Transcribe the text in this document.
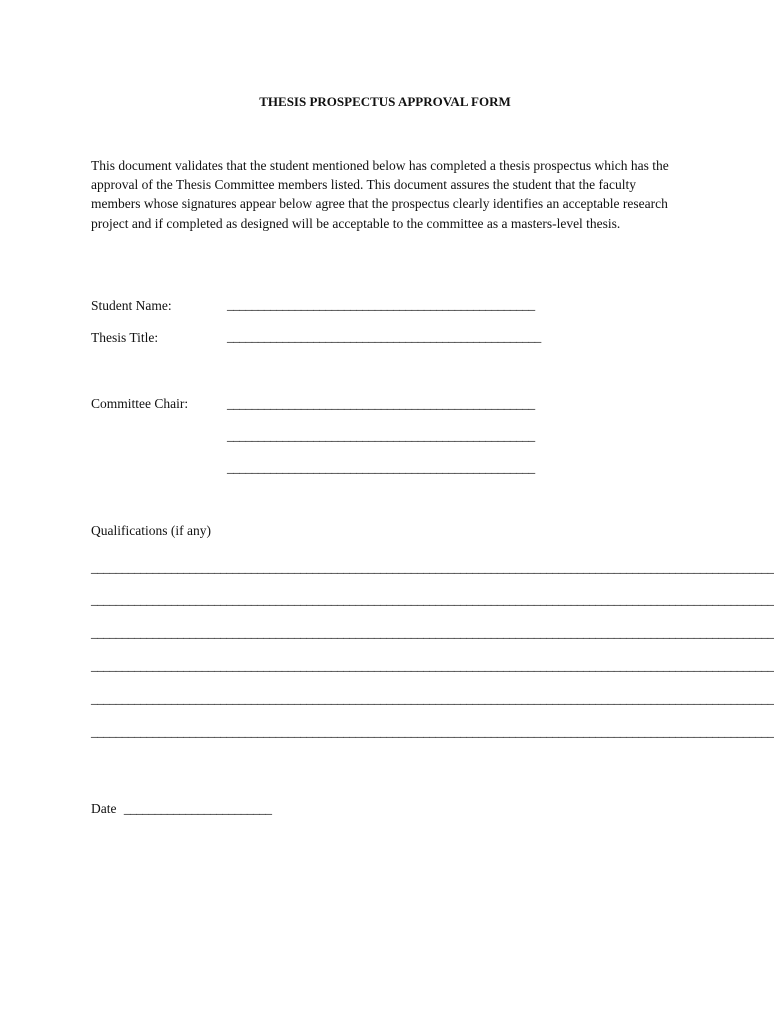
THESIS PROSPECTUS APPROVAL FORM

This document validates that the student mentioned below has completed a thesis prospectus which has the approval of the Thesis Committee members listed. This document assures the student that the faculty members whose signatures appear below agree that the prospectus clearly identifies an acceptable research project and if completed as designed will be acceptable to the committee as a masters-level thesis.

Student Name:	__________________________________________________
Thesis Title:	___________________________________________________
Committee Chair:	__________________________________________________
__________________________________________________
__________________________________________________
Qualifications (if any)
_______________________________________________________________________________________________________________
_______________________________________________________________________________________________________________
_______________________________________________________________________________________________________________
_______________________________________________________________________________________________________________
_______________________________________________________________________________________________________________
_______________________________________________________________________________________________________________
Date ________________________
